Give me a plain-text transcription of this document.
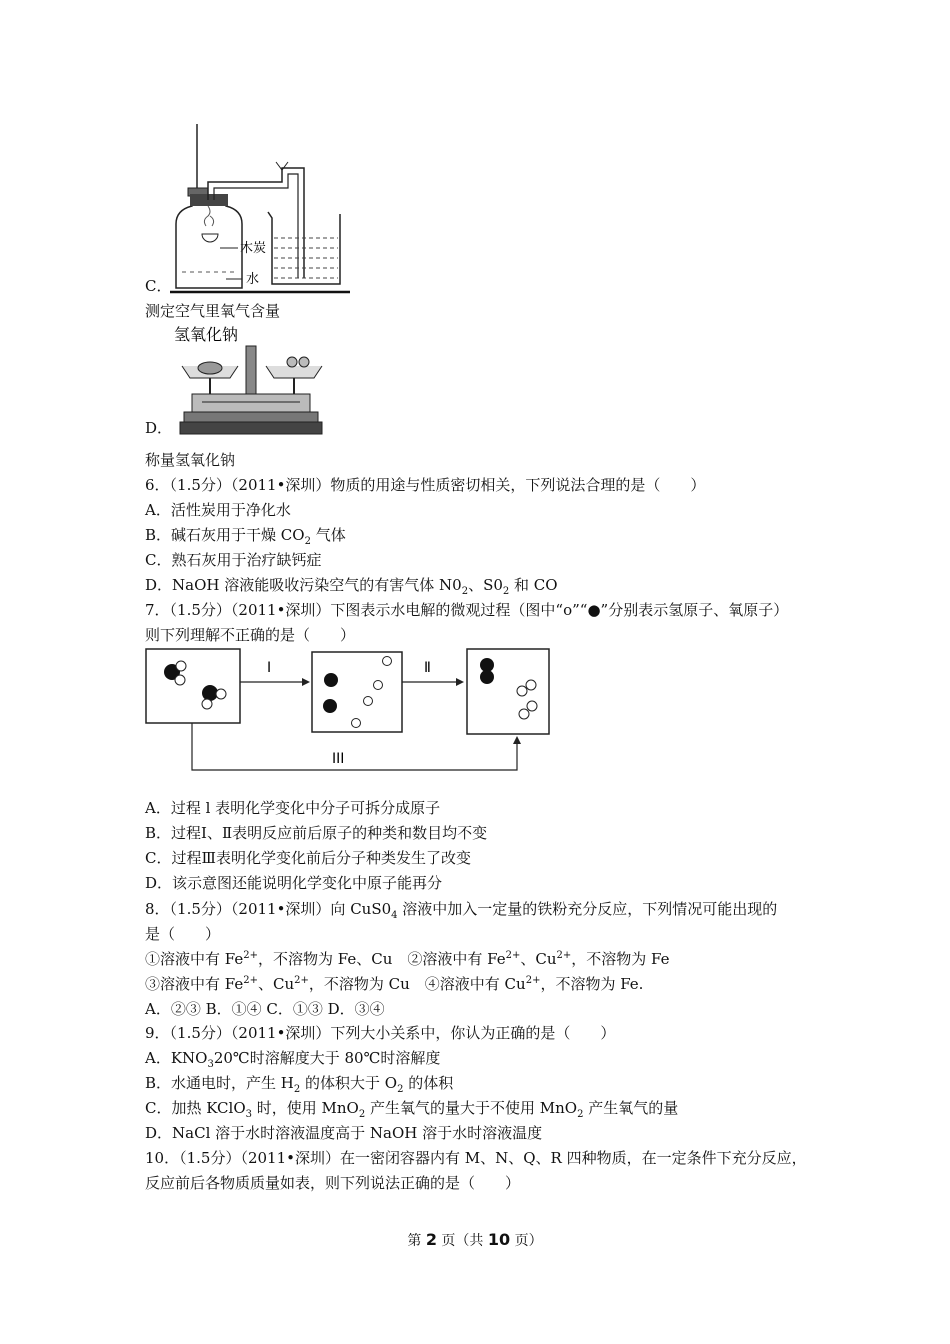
木炭
水
C．
测定空气里氧气含量
氢氧化钠
D．
称量氢氧化钠
6．（1.5分）（2011•深圳）物质的用途与性质密切相关，下列说法合理的是（　　）
A．活性炭用于净化水
B．碱石灰用于干燥 $CO_2$ 气体
C．熟石灰用于治疗缺钙症
D．NaOH 溶液能吸收污染空气的有害气体 $N0_2$、$S0_2$ 和 CO
7．（1.5分）（2011•深圳）下图表示水电解的微观过程（图中“o”“●”分别表示氢原子、氧原子）
则下列理解不正确的是（　　）
I	Ⅱ
III
A．过程 l 表明化学变化中分子可拆分成原子
B．过程Ⅰ、Ⅱ表明反应前后原子的种类和数目均不变
C．过程Ⅲ表明化学变化前后分子种类发生了改变
D．该示意图还能说明化学变化中原子能再分
8．（1.5分）（2011•深圳）向 $CuS0_4$ 溶液中加入一定量的铁粉充分反应，下列情况可能出现的
是（　　）
①溶液中有 $Fe^{2+}$，不溶物为 Fe、Cu　②溶液中有 $Fe^{2+}$、$Cu^{2+}$，不溶物为 Fe
③溶液中有 $Fe^{2+}$、$Cu^{2+}$，不溶物为 Cu　④溶液中有 $Cu^{2+}$，不溶物为 Fe.
A．②③ B．①④ C．①③ D．③④
9．（1.5分）（2011•深圳）下列大小关系中，你认为正确的是（　　）
A．$KNO_320℃$时溶解度大于 80℃时溶解度
B．水通电时，产生 $H_2$ 的体积大于 $O_2$ 的体积
C．加热 KClO$_3$ 时，使用 MnO$_2$ 产生氧气的量大于不使用 MnO$_2$ 产生氧气的量
D．NaCl 溶于水时溶液温度高于 NaOH 溶于水时溶液温度
10．（1.5分）（2011•深圳）在一密闭容器内有 M、N、Q、R 四种物质，在一定条件下充分反应，
反应前后各物质质量如表，则下列说法正确的是（　　）
第 2 页（共 10 页）
